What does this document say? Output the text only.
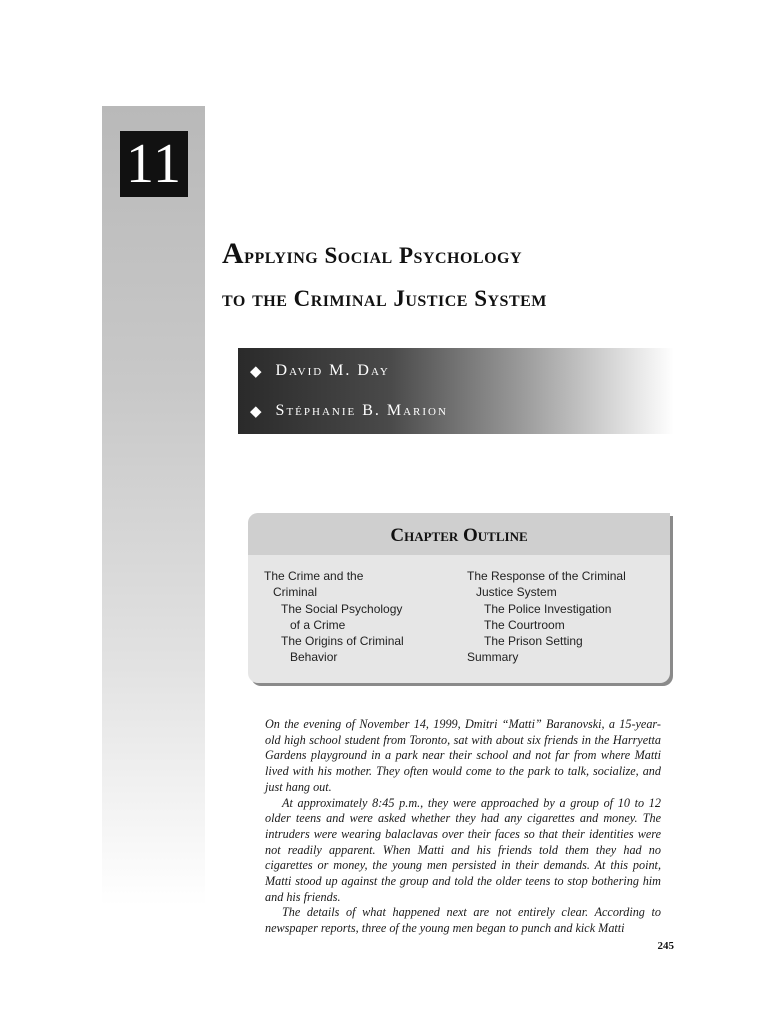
11
Applying Social Psychology
to the Criminal Justice System
◆ David M. Day
◆ Stéphanie B. Marion
Chapter Outline
The Crime and the
Criminal
The Social Psychology
of a Crime
The Origins of Criminal
Behavior
The Response of the Criminal
Justice System
The Police Investigation
The Courtroom
The Prison Setting
Summary

On the evening of November 14, 1999, Dmitri “Matti” Baranovski, a 15-year-old high school student from Toronto, sat with about six friends in the Harryetta Gardens playground in a park near their school and not far from where Matti lived with his mother. They often would come to the park to talk, socialize, and just hang out.

At approximately 8:45 p.m., they were approached by a group of 10 to 12 older teens and were asked whether they had any cigarettes and money. The intruders were wearing balaclavas over their faces so that their identities were not readily apparent. When Matti and his friends told them they had no cigarettes or money, the young men persisted in their demands. At this point, Matti stood up against the group and told the older teens to stop bothering him and his friends.

The details of what happened next are not entirely clear. According to newspaper reports, three of the young men began to punch and kick Matti

245
